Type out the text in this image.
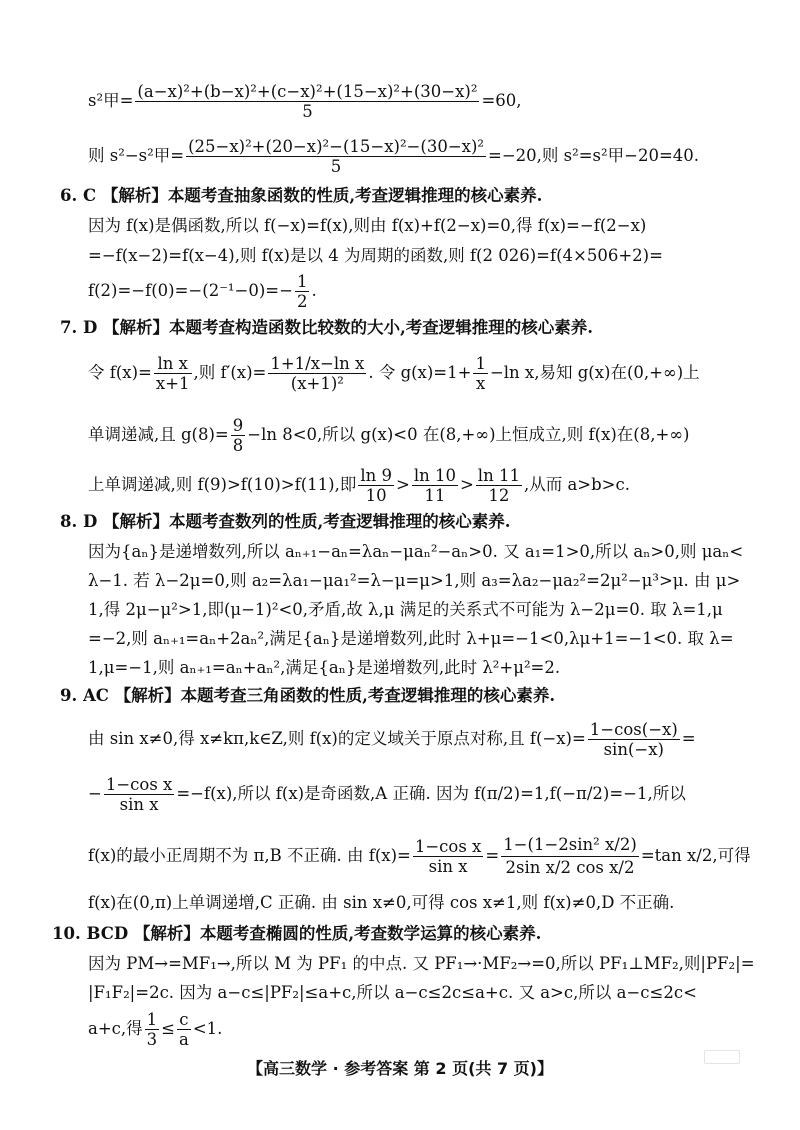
s²甲= $\frac{\text{(a−x)²+(b−x)²+(c−x)²+(15−x)²+(30−x)²}}{5} =60$,
则 s²−s²甲= $\frac{\text{(25−x)²+(20−x)²−(15−x)²−(30−x)²}}{5} =-20$,则 s²=s²甲−20=40.
6. C 【解析】本题考查抽象函数的性质,考查逻辑推理的核心素养.
因为 f(x)是偶函数,所以 f(−x)=f(x),则由 f(x)+f(2−x)=0,得 f(x)=−f(2−x)
=−f(x−2)=f(x−4),则 f(x)是以 4 为周期的函数,则 f(2 026)=f(4×506+2)=
$f(2)=-f(0)=-(2^{-1}-0)=- \frac{1}{2}$ .
7. D 【解析】本题考查构造函数比较数的大小,考查逻辑推理的核心素养.
令 $f(x)= \frac{\text{ln x}}{x+1}$ ,则 $f'(x)= \frac{\text{1+1/x−ln x}}{\text{(x+1)²}}$ . 令 $g(x)=1+ \frac{1}{x} -\ln$ x,易知 g(x)在(0,+∞)上
单调递减,且 $g(8)= \frac{9}{8} -\ln$ 8<0,所以 g(x)<0 在(8,+∞)上恒成立,则 f(x)在(8,+∞)
上单调递减,则 f(9)>f(10)>f(11),即 $\frac{\ln 9}{10} > \frac{\ln 10}{11} > \frac{\ln 11}{12}$ ,从而 a>b>c.
8. D 【解析】本题考查数列的性质,考查逻辑推理的核心素养.
因为{aₙ}是递增数列,所以 aₙ₊₁−aₙ=λaₙ−μaₙ²−aₙ>0. 又 a₁=1>0,所以 aₙ>0,则 μaₙ<
λ−1. 若 λ−2μ=0,则 a₂=λa₁−μa₁²=λ−μ=μ>1,则 a₃=λa₂−μa₂²=2μ²−μ³>μ. 由 μ>
1,得 2μ−μ²>1,即(μ−1)²<0,矛盾,故 λ,μ 满足的关系式不可能为 λ−2μ=0. 取 λ=1,μ
=−2,则 aₙ₊₁=aₙ+2aₙ²,满足{aₙ}是递增数列,此时 λ+μ=−1<0,λμ+1=−1<0. 取 λ=
1,μ=−1,则 aₙ₊₁=aₙ+aₙ²,满足{aₙ}是递增数列,此时 λ²+μ²=2.
9. AC 【解析】本题考查三角函数的性质,考查逻辑推理的核心素养.
由 sin x≠0,得 x≠kπ,k∈Z,则 f(x)的定义域关于原点对称,且 $f(-x)= \frac{1-\cos(-x)}{\sin(-x)}$ =
− $\frac{\text{1−cos x}}{\text{sin x}} =-f(x)$,所以 f(x)是奇函数,A 正确. 因为 f(π/2)=1,f(−π/2)=−1,所以
f(x)的最小正周期不为 π,B 不正确. 由 $f(x)= \frac{\text{1−cos x}}{\text{sin x}} = \frac{\text{1−(1−2sin² x/2)}}{\text{2sin x/2 cos x/2}} =\tan$ x/2,可得
f(x)在(0,π)上单调递增,C 正确. 由 sin x≠0,可得 cos x≠1,则 f(x)≠0,D 不正确.
10. BCD 【解析】本题考查椭圆的性质,考查数学运算的核心素养.
因为 PM→=MF₁→,所以 M 为 PF₁ 的中点. 又 PF₁→·MF₂→=0,所以 PF₁⊥MF₂,则|PF₂|=
|F₁F₂|=2c. 因为 a−c≤|PF₂|≤a+c,所以 a−c≤2c≤a+c. 又 a>c,所以 a−c≤2c<
a+c,得 $\frac{1}{3} \le \frac{c}{a} <1$.
【高三数学 · 参考答案 第 2 页(共 7 页)】
